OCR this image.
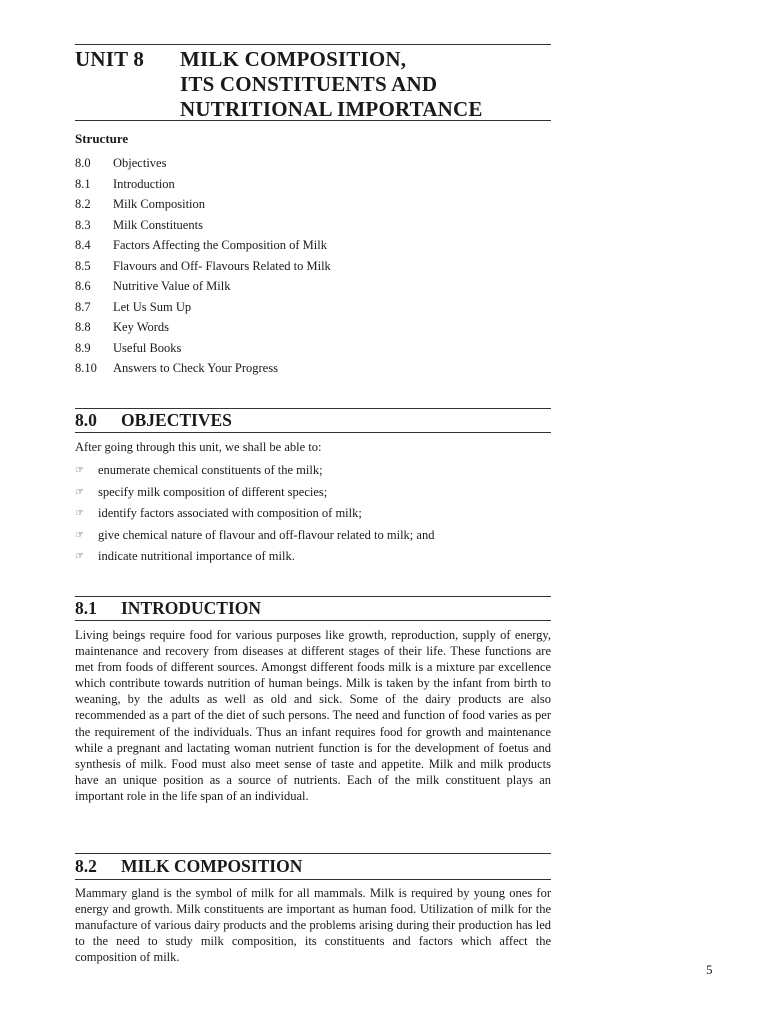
UNIT 8 MILK COMPOSITION,
ITS CONSTITUENTS AND
NUTRITIONAL IMPORTANCE
Structure
8.0 Objectives
8.1 Introduction
8.2 Milk Composition
8.3 Milk Constituents
8.4 Factors Affecting the Composition of Milk
8.5 Flavours and Off- Flavours Related to Milk
8.6 Nutritive Value of Milk
8.7 Let Us Sum Up
8.8 Key Words
8.9 Useful Books
8.10 Answers to Check Your Progress
8.0 OBJECTIVES
After going through this unit, we shall be able to:
☞ enumerate chemical constituents of the milk;
☞ specify milk composition of different species;
☞ identify factors associated with composition of milk;
☞ give chemical nature of flavour and off-flavour related to milk; and
☞ indicate nutritional importance of milk.
8.1 INTRODUCTION
Living beings require food for various purposes like growth, reproduction, supply of energy, maintenance and recovery from diseases at different stages of their life. These functions are met from foods of different sources. Amongst different foods milk is a mixture par excellence which contribute towards nutrition of human beings. Milk is taken by the infant from birth to weaning, by the adults as well as old and sick. Some of the dairy products are also recommended as a part of the diet of such persons. The need and function of food varies as per the requirement of the individuals. Thus an infant requires food for growth and maintenance while a pregnant and lactating woman nutrient function is for the development of foetus and synthesis of milk. Food must also meet sense of taste and appetite. Milk and milk products have an unique position as a source of nutrients. Each of the milk constituent plays an important role in the life span of an individual.
8.2 MILK COMPOSITION
Mammary gland is the symbol of milk for all mammals. Milk is required by young ones for energy and growth. Milk constituents are important as human food. Utilization of milk for the manufacture of various dairy products and the problems arising during their production has led to the need to study milk composition, its constituents and factors which affect the composition of milk.
5
